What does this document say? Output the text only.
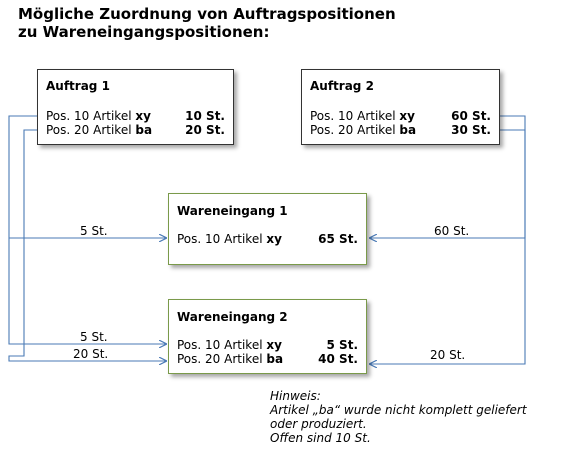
Mögliche Zuordnung von Auftragspositionen
zu Wareneingangspositionen:
Auftrag 1
Pos. 10 Artikel xy	10 St.
Pos. 20 Artikel ba	20 St.
Auftrag 2
Pos. 10 Artikel xy	60 St.
Pos. 20 Artikel ba	30 St.
Wareneingang 1
Pos. 10 Artikel xy	65 St.
Wareneingang 2
Pos. 10 Artikel xy	5 St.
Pos. 20 Artikel ba	40 St.
5 St.	60 St.
5 St.
20 St.	20 St.
Hinweis:
Artikel „ba“ wurde nicht komplett geliefert
oder produziert.
Offen sind 10 St.
